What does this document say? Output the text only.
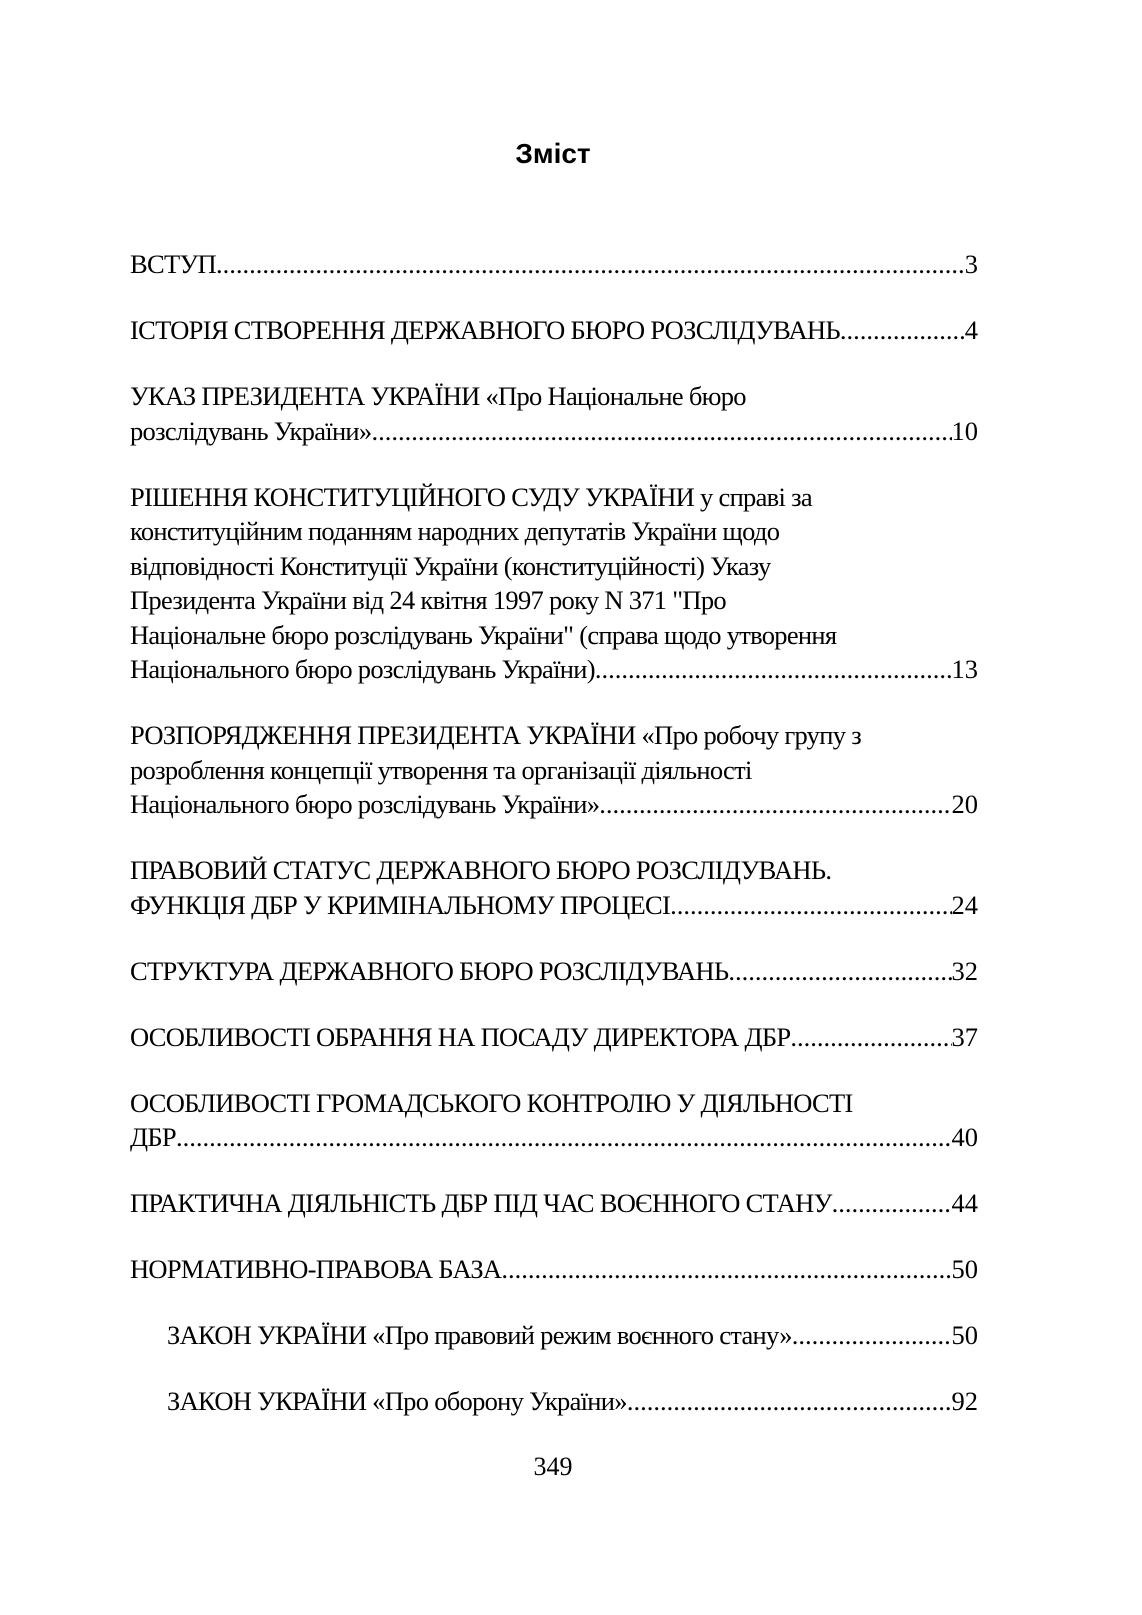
Зміст
ВСТУП .....	3
ІСТОРІЯ СТВОРЕННЯ ДЕРЖАВНОГО БЮРО РОЗСЛІДУВАНЬ .....	4
УКАЗ ПРЕЗИДЕНТА УКРАЇНИ «Про Національне бюро
розслідувань України» .....	10
РІШЕННЯ КОНСТИТУЦІЙНОГО СУДУ УКРАЇНИ у справі за
конституційним поданням народних депутатів України щодо
відповідності Конституції України (конституційності) Указу
Президента України від 24 квітня 1997 року N 371 "Про
Національне бюро розслідувань України" (справа щодо утворення
Національного бюро розслідувань України) .....	13
РОЗПОРЯДЖЕННЯ ПРЕЗИДЕНТА УКРАЇНИ «Про робочу групу з
розроблення концепції утворення та організації діяльності
Національного бюро розслідувань України» .....	20
ПРАВОВИЙ СТАТУС ДЕРЖАВНОГО БЮРО РОЗСЛІДУВАНЬ.
ФУНКЦІЯ ДБР У КРИМІНАЛЬНОМУ ПРОЦЕСІ .....	24
СТРУКТУРА ДЕРЖАВНОГО БЮРО РОЗСЛІДУВАНЬ .....	32
ОСОБЛИВОСТІ ОБРАННЯ НА ПОСАДУ ДИРЕКТОРА ДБР .....	37
ОСОБЛИВОСТІ ГРОМАДСЬКОГО КОНТРОЛЮ У ДІЯЛЬНОСТІ
ДБР .....	40
ПРАКТИЧНА ДІЯЛЬНІСТЬ ДБР ПІД ЧАС ВОЄННОГО СТАНУ .....	44
НОРМАТИВНО-ПРАВОВА БАЗА .....	50
ЗАКОН УКРАЇНИ «Про правовий режим воєнного стану» .....	50
ЗАКОН УКРАЇНИ «Про оборону України» .....	92
349
